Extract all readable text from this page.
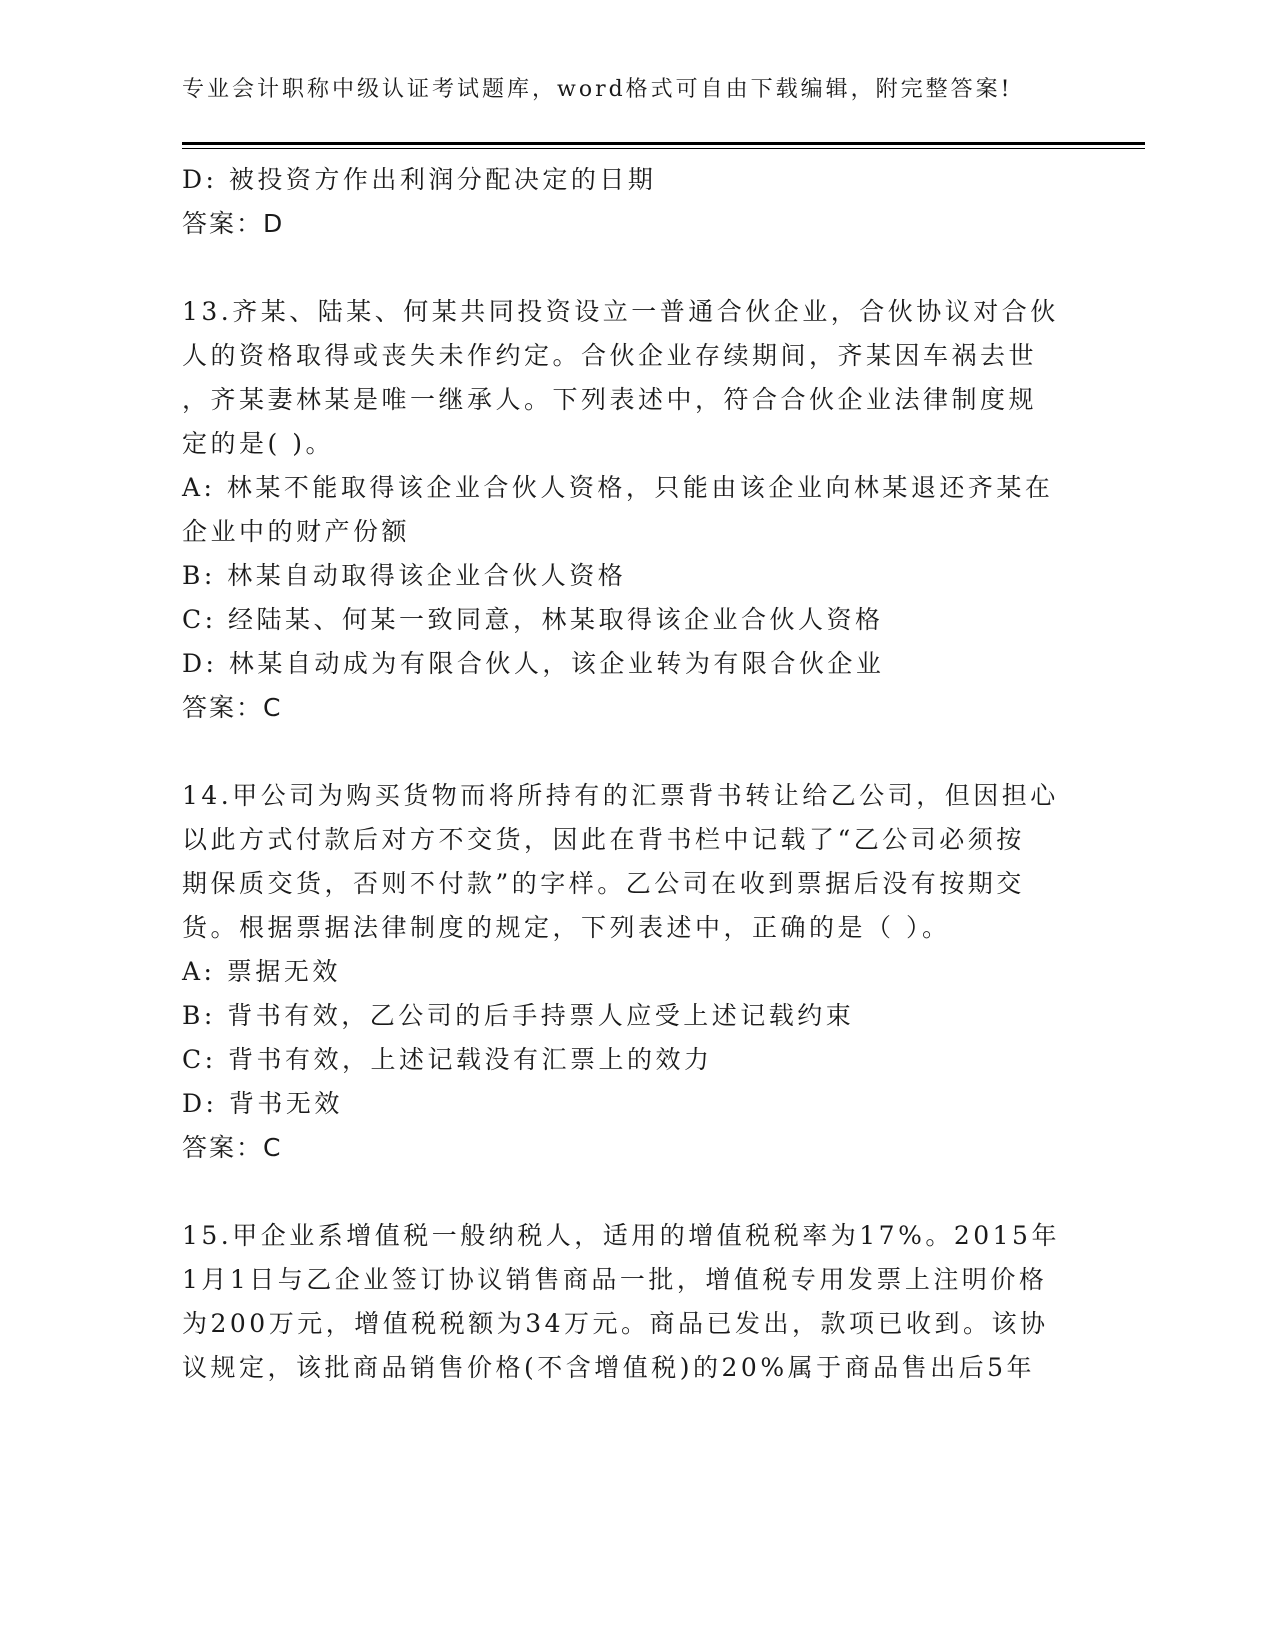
专业会计职称中级认证考试题库，word格式可自由下载编辑，附完整答案!
D: 被投资方作出利润分配决定的日期
答案：D
13.齐某、陆某、何某共同投资设立一普通合伙企业，合伙协议对合伙
人的资格取得或丧失未作约定。合伙企业存续期间，齐某因车祸去世
，齐某妻林某是唯一继承人。下列表述中，符合合伙企业法律制度规
定的是( )。
A: 林某不能取得该企业合伙人资格，只能由该企业向林某退还齐某在
企业中的财产份额
B: 林某自动取得该企业合伙人资格
C: 经陆某、何某一致同意，林某取得该企业合伙人资格
D: 林某自动成为有限合伙人，该企业转为有限合伙企业
答案：C
14.甲公司为购买货物而将所持有的汇票背书转让给乙公司，但因担心
以此方式付款后对方不交货，因此在背书栏中记载了“乙公司必须按
期保质交货，否则不付款”的字样。乙公司在收到票据后没有按期交
货。根据票据法律制度的规定，下列表述中，正确的是（ ）。
A: 票据无效
B: 背书有效，乙公司的后手持票人应受上述记载约束
C: 背书有效，上述记载没有汇票上的效力
D: 背书无效
答案：C
15.甲企业系增值税一般纳税人，适用的增值税税率为17%。2015年
1月1日与乙企业签订协议销售商品一批，增值税专用发票上注明价格
为200万元，增值税税额为34万元。商品已发出，款项已收到。该协
议规定，该批商品销售价格(不含增值税)的20%属于商品售出后5年
